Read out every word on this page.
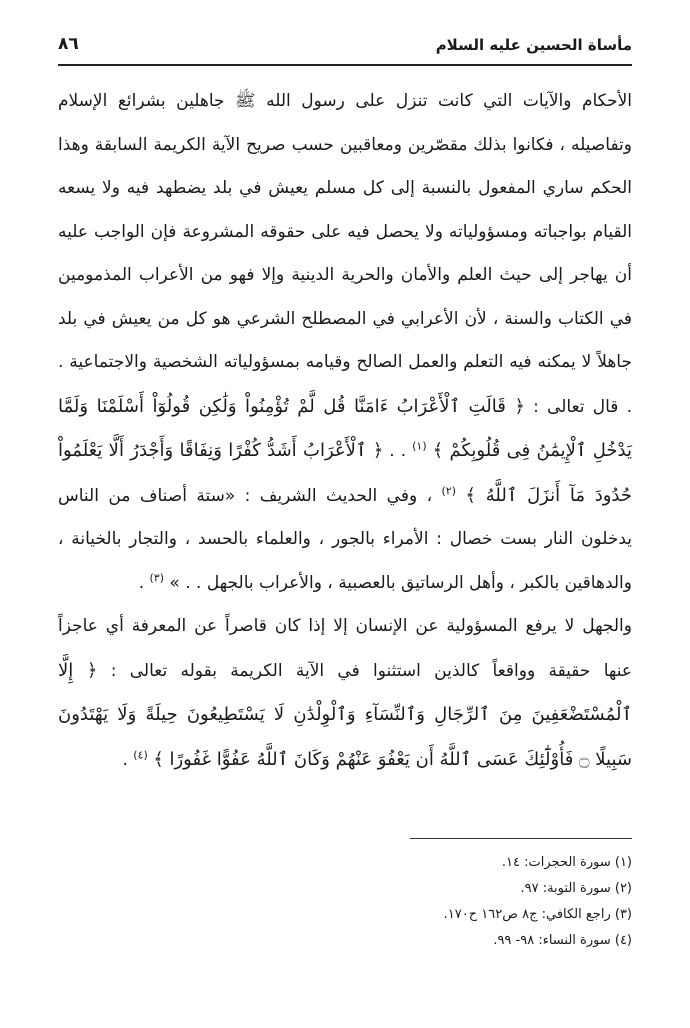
مأساة الحسين عليه السلام
٨٦

الأحكام والآيات التي كانت تنزل على رسول الله ﷺ جاهلين بشرائع الإسلام وتفاصيله ، فكانوا بذلك مقصّرين ومعاقبين حسب صريح الآية الكريمة السابقة وهذا الحكم ساري المفعول بالنسبة إلى كل مسلم يعيش في بلد يضطهد فيه ولا يسعه القيام بواجباته ومسؤولياته ولا يحصل فيه على حقوقه المشروعة فإن الواجب عليه أن يهاجر إلى حيث العلم والأمان والحرية الدينية وإلا فهو من الأعراب المذمومين في الكتاب والسنة ، لأن الأعرابي في المصطلح الشرعي هو كل من يعيش في بلد جاهلاً لا يمكنه فيه التعلم والعمل الصالح وقيامه بمسؤولياته الشخصية والاجتماعية . . قال تعالى : ﴿ قَالَتِ ٱلْأَعْرَابُ ءَامَنَّا قُل لَّمْ تُؤْمِنُواْ وَلَٰكِن قُولُوٓاْ أَسْلَمْنَا وَلَمَّا يَدْخُلِ ٱلْإِيمَٰنُ فِى قُلُوبِكُمْ ﴾ $^{(١)}$ . . ﴿ ٱلْأَعْرَابُ أَشَدُّ كُفْرًا وَنِفَاقًا وَأَجْدَرُ أَلَّا يَعْلَمُواْ حُدُودَ مَآ أَنزَلَ ٱللَّهُ ﴾ $^{(٢)}$ ، وفي الحديث الشريف : «ستة أصناف من الناس يدخلون النار بست خصال : الأمراء بالجور ، والعلماء بالحسد ، والتجار بالخيانة ، والدهاقين بالكبر ، وأهل الرساتيق بالعصبية ، والأعراب بالجهل . . » $^{(٣)}$ .

والجهل لا يرفع المسؤولية عن الإنسان إلا إذا كان قاصراً عن المعرفة أي عاجزاً عنها حقيقة وواقعاً كالذين استثنوا في الآية الكريمة بقوله تعالى : ﴿ إِلَّا ٱلْمُسْتَضْعَفِينَ مِنَ ٱلرِّجَالِ وَٱلنِّسَآءِ وَٱلْوِلْدَٰنِ لَا يَسْتَطِيعُونَ حِيلَةً وَلَا يَهْتَدُونَ سَبِيلًا ۝ فَأُوْلَٰٓئِكَ عَسَى ٱللَّهُ أَن يَعْفُوَ عَنْهُمْ وَكَانَ ٱللَّهُ عَفُوًّا غَفُورًا ﴾ $^{(٤)}$ .

(١) سورة الحجرات: ١٤.
(٢) سورة التوبة: ٩٧.
(٣) راجع الكافي: ج٨ ص١٦٢ ح١٧٠.
(٤) سورة النساء: ٩٨- ٩٩.
